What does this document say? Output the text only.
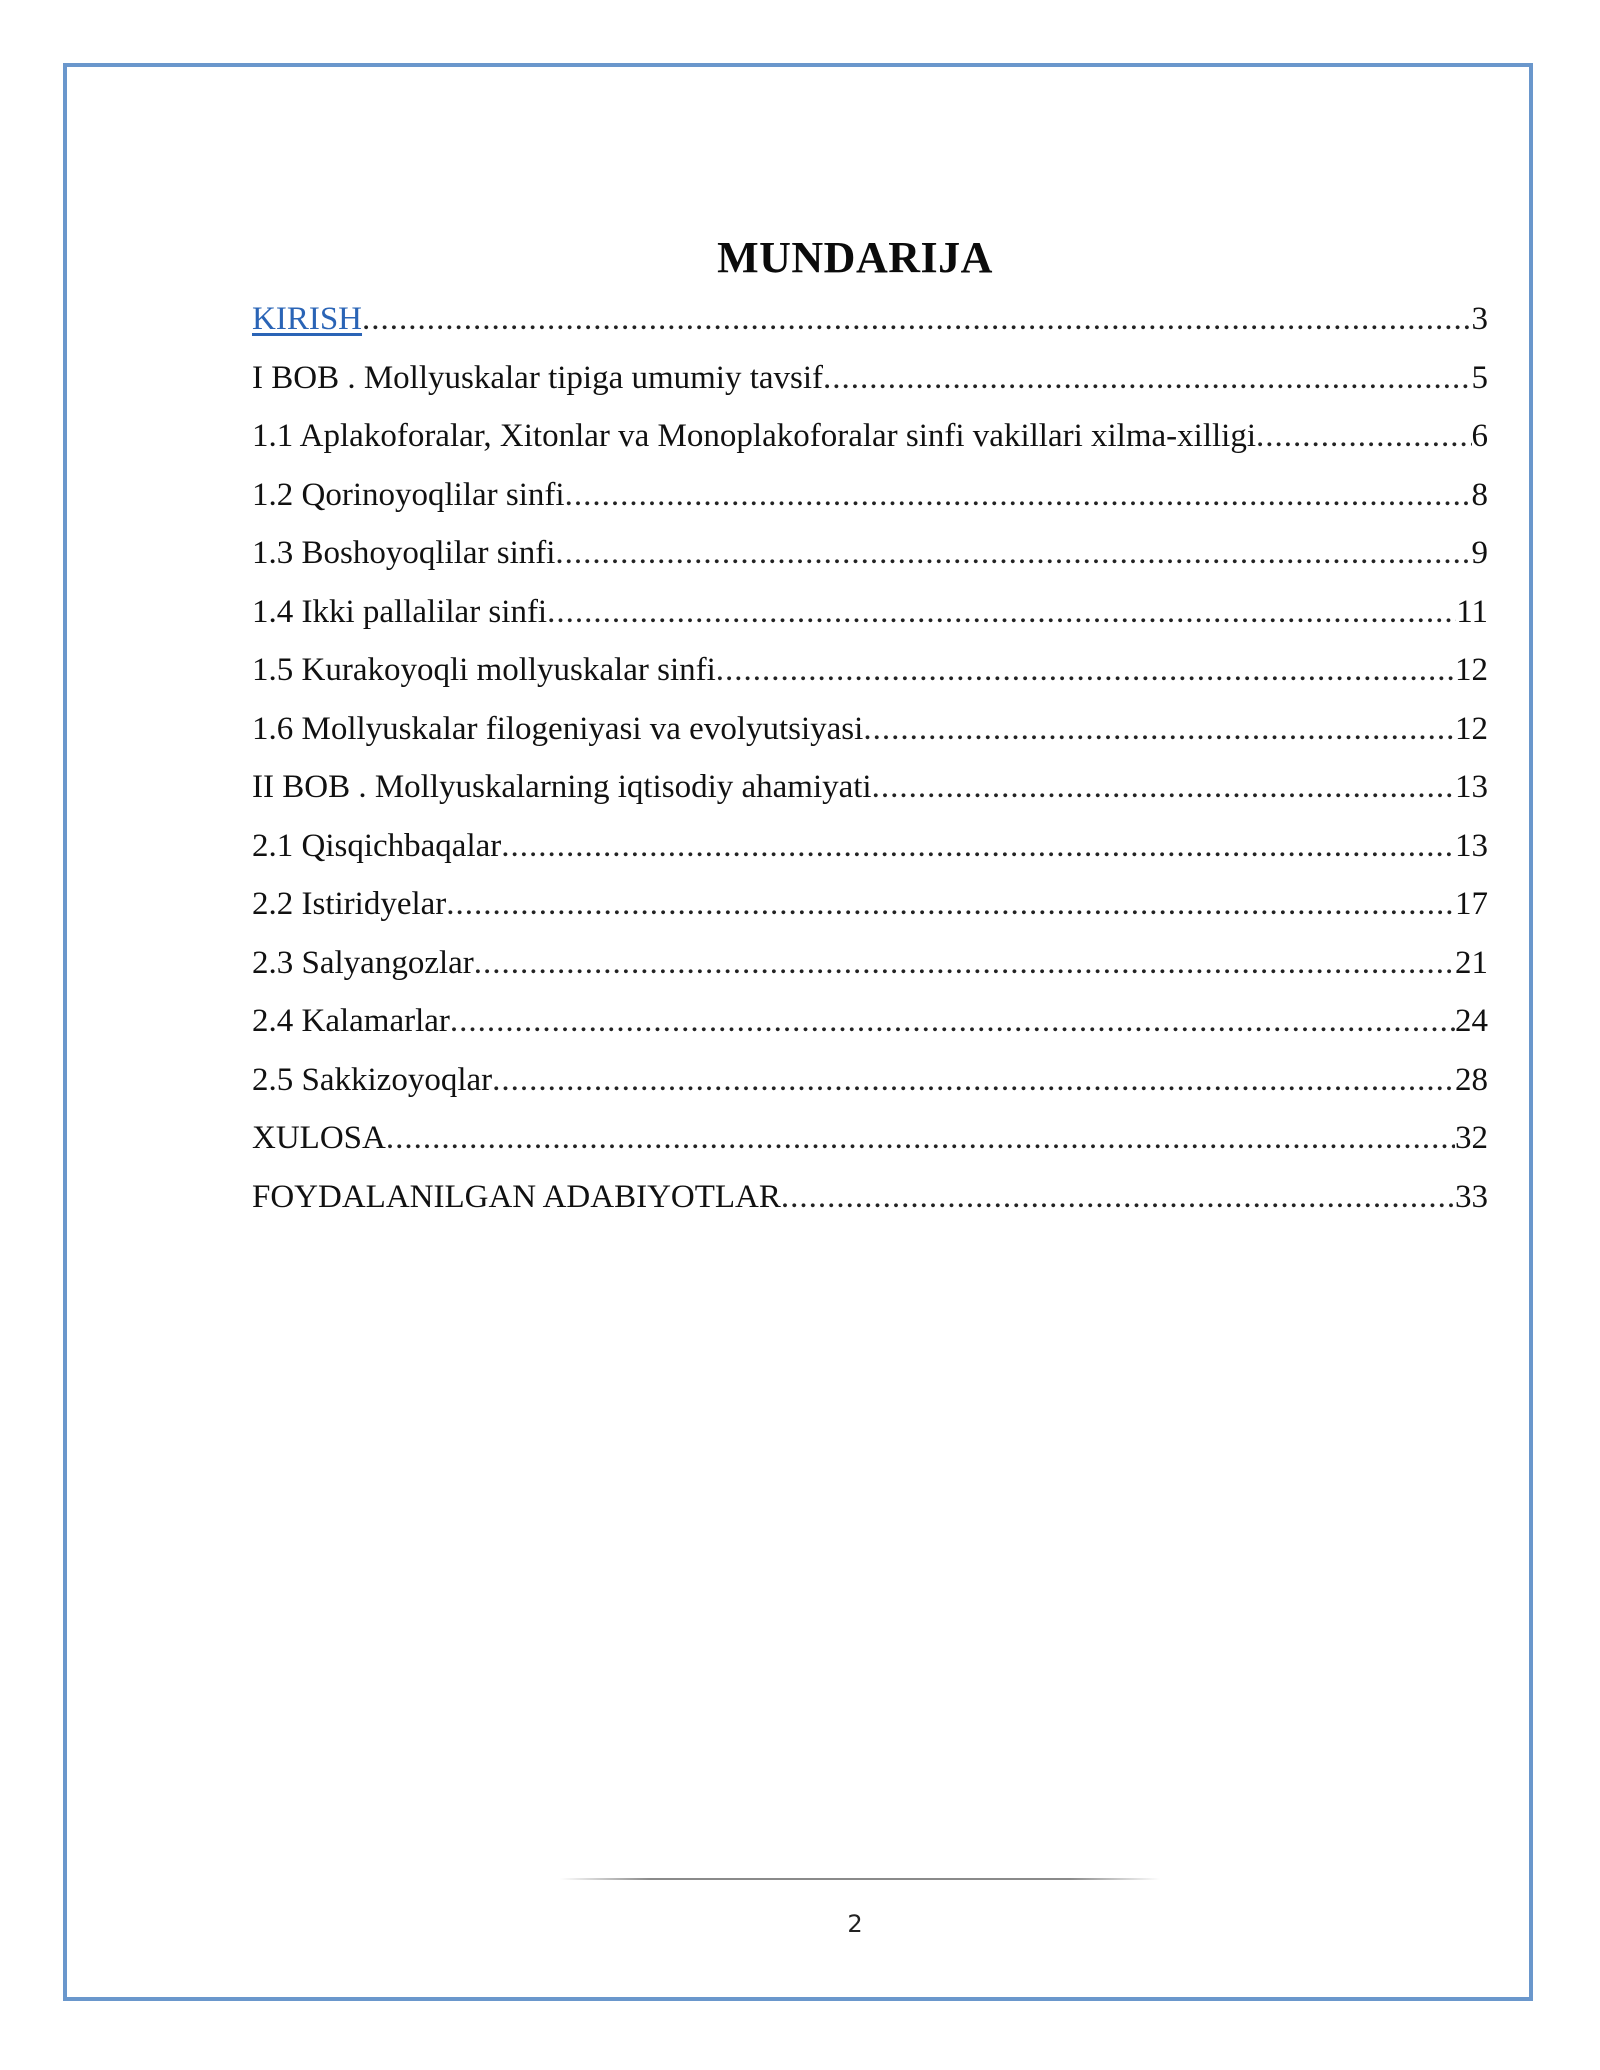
MUNDARIJA
KIRISH .....	3
I BOB . Mollyuskalar tipiga umumiy tavsif .....	5
1.1 Aplakoforalar, Xitonlar va Monoplakoforalar sinfi vakillari xilma-xilligi .....	6
1.2 Qorinoyoqlilar sinfi .....	8
1.3 Boshoyoqlilar sinfi .....	9
1.4 Ikki pallalilar sinfi .....	11
1.5 Kurakoyoqli mollyuskalar sinfi .....	12
1.6 Mollyuskalar filogeniyasi va evolyutsiyasi .....	12
II BOB . Mollyuskalarning iqtisodiy ahamiyati .....	13
2.1 Qisqichbaqalar .....	13
2.2 Istiridyelar .....	17
2.3 Salyangozlar .....	21
2.4 Kalamarlar .....	24
2.5 Sakkizoyoqlar .....	28
XULOSA .....	32
FOYDALANILGAN ADABIYOTLAR .....	33
2
